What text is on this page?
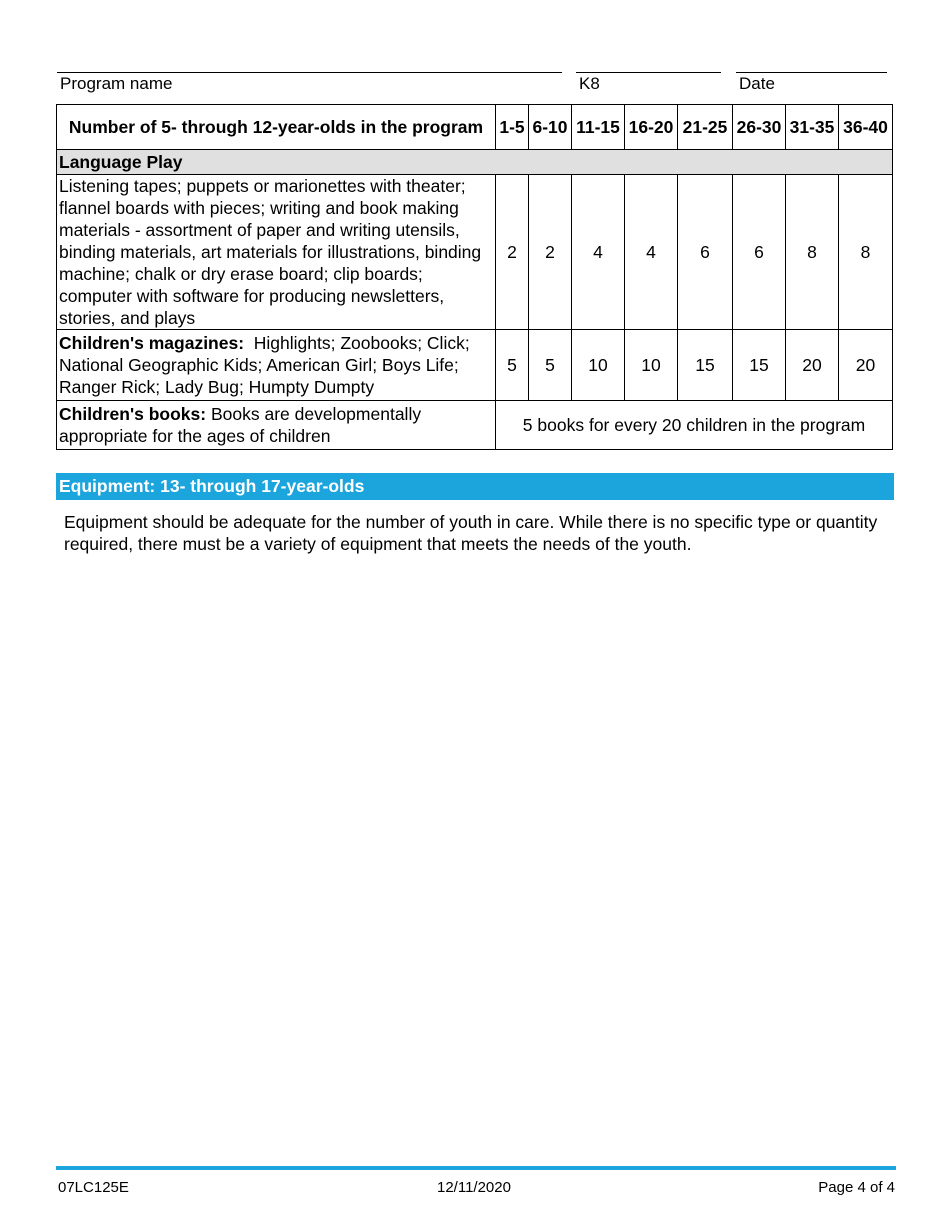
Program name	K8	Date
Number of 5- through 12-year-olds in the program	1-5	6-10	11-15	16-20	21-25	26-30	31-35	36-40
Language Play								
Listening tapes; puppets or marionettes with theater; flannel boards with pieces; writing and book making materials - assortment of paper and writing utensils, binding materials, art materials for illustrations, binding machine; chalk or dry erase board; clip boards; computer with software for producing newsletters, stories, and plays	2	2	4	4	6	6	8	8
Children's magazines:  Highlights; Zoobooks; Click; National Geographic Kids; American Girl; Boys Life; Ranger Rick; Lady Bug; Humpty Dumpty	5	5	10	10	15	15	20	20
Children's books: Books are developmentally appropriate for the ages of children	5 books for every 20 children in the program							
Equipment: 13- through 17-year-olds
Equipment should be adequate for the number of youth in care. While there is no specific type or quantity required, there must be a variety of equipment that meets the needs of the youth.
07LC125E	12/11/2020	Page 4 of 4
